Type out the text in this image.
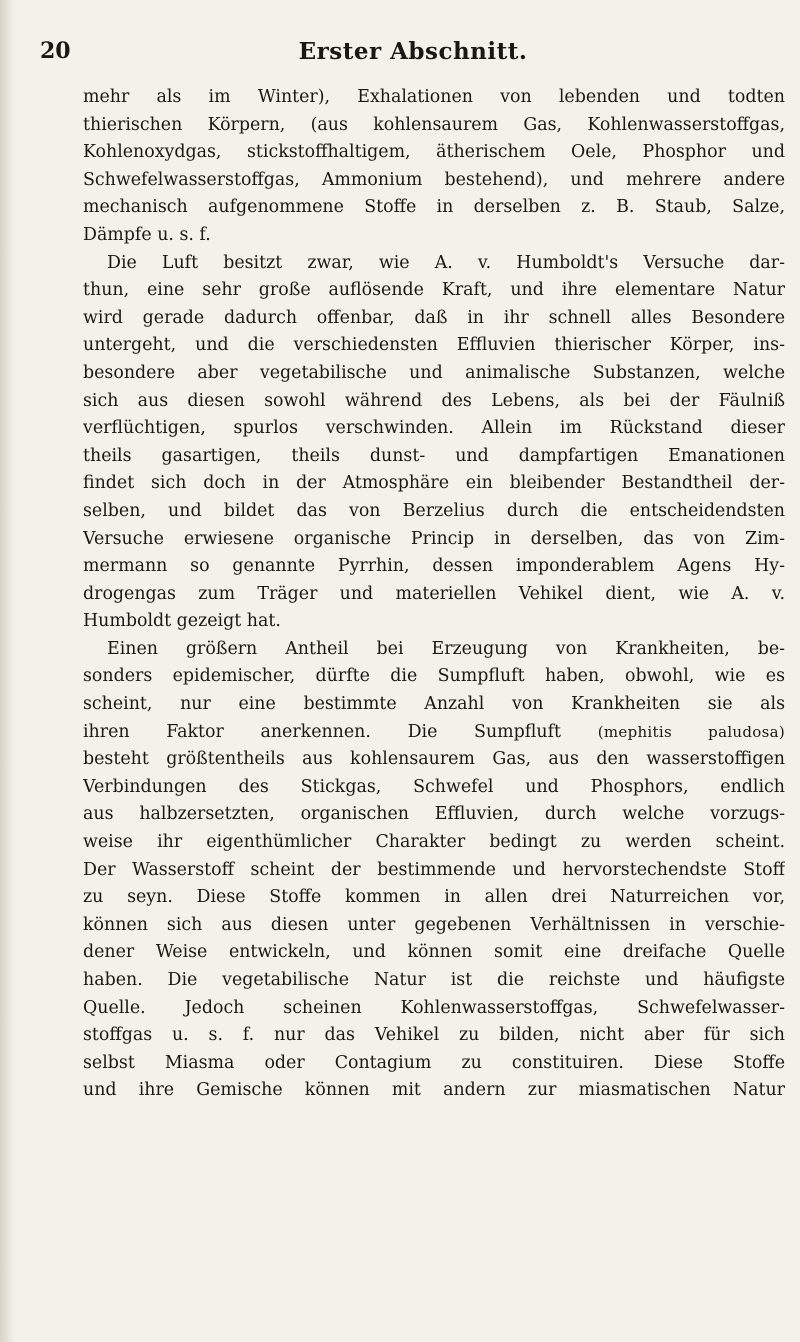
20	Erster Abschnitt.
mehr als im Winter), Exhalationen von lebenden und todten
thierischen Körpern, (aus kohlensaurem Gas, Kohlenwasserstoffgas,
Kohlenoxydgas, stickstoffhaltigem, ätherischem Oele, Phosphor und
Schwefelwasserstoffgas, Ammonium bestehend), und mehrere andere
mechanisch aufgenommene Stoffe in derselben z. B. Staub, Salze,
Dämpfe u. s. f.
Die Luft besitzt zwar, wie A. v. Humboldt's Versuche dar-
thun, eine sehr große auflösende Kraft, und ihre elementare Natur
wird gerade dadurch offenbar, daß in ihr schnell alles Besondere
untergeht, und die verschiedensten Effluvien thierischer Körper, ins-
besondere aber vegetabilische und animalische Substanzen, welche
sich aus diesen sowohl während des Lebens, als bei der Fäulniß
verflüchtigen, spurlos verschwinden. Allein im Rückstand dieser
theils gasartigen, theils dunst- und dampfartigen Emanationen
findet sich doch in der Atmosphäre ein bleibender Bestandtheil der-
selben, und bildet das von Berzelius durch die entscheidendsten
Versuche erwiesene organische Princip in derselben, das von Zim-
mermann so genannte Pyrrhin, dessen imponderablem Agens Hy-
drogengas zum Träger und materiellen Vehikel dient, wie A. v.
Humboldt gezeigt hat.
Einen größern Antheil bei Erzeugung von Krankheiten, be-
sonders epidemischer, dürfte die Sumpfluft haben, obwohl, wie es
scheint, nur eine bestimmte Anzahl von Krankheiten sie als
ihren Faktor anerkennen. Die Sumpfluft (mephitis paludosa)
besteht größtentheils aus kohlensaurem Gas, aus den wasserstoffigen
Verbindungen des Stickgas, Schwefel und Phosphors, endlich
aus halbzersetzten, organischen Effluvien, durch welche vorzugs-
weise ihr eigenthümlicher Charakter bedingt zu werden scheint.
Der Wasserstoff scheint der bestimmende und hervorstechendste Stoff
zu seyn. Diese Stoffe kommen in allen drei Naturreichen vor,
können sich aus diesen unter gegebenen Verhältnissen in verschie-
dener Weise entwickeln, und können somit eine dreifache Quelle
haben. Die vegetabilische Natur ist die reichste und häufigste
Quelle. Jedoch scheinen Kohlenwasserstoffgas, Schwefelwasser-
stoffgas u. s. f. nur das Vehikel zu bilden, nicht aber für sich
selbst Miasma oder Contagium zu constituiren. Diese Stoffe
und ihre Gemische können mit andern zur miasmatischen Natur
